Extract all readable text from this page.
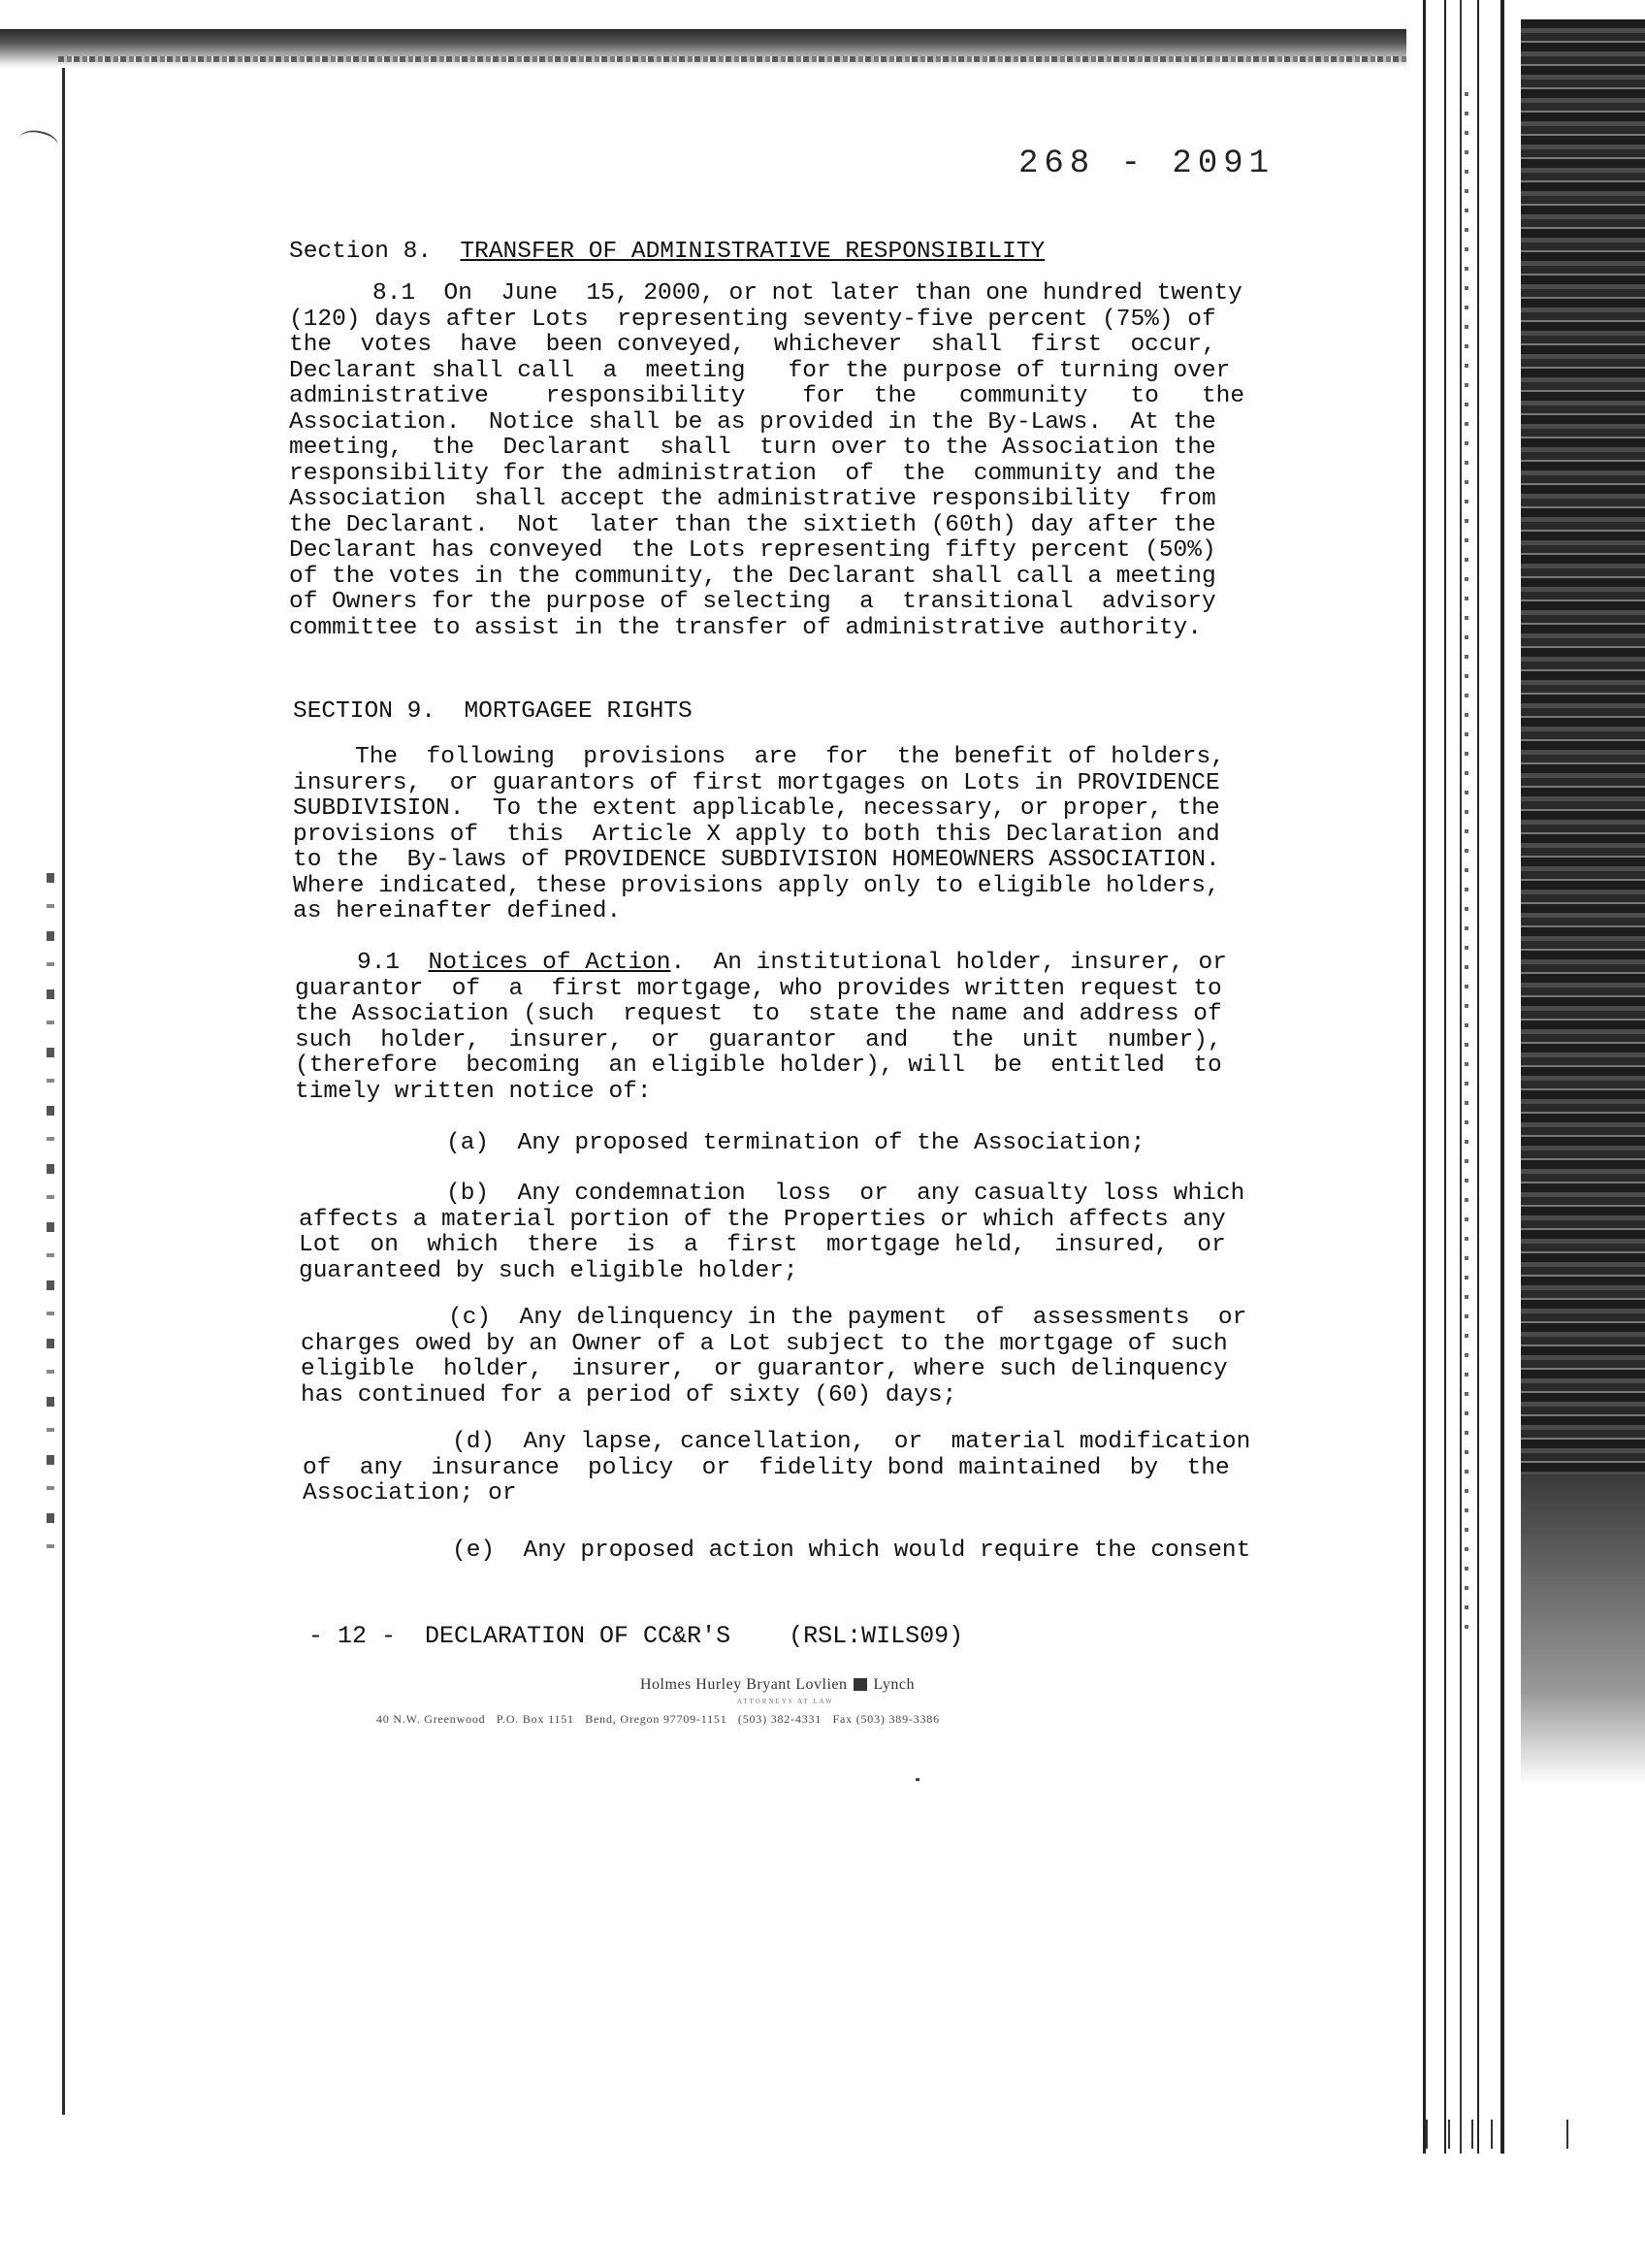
268 - 2091
Section 8. TRANSFER OF ADMINISTRATIVE RESPONSIBILITY
8.1  On  June  15, 2000, or not later than one hundred twenty
(120) days after Lots  representing seventy-five percent (75%) of
the  votes  have  been conveyed,  whichever  shall  first  occur,
Declarant shall call  a  meeting   for the purpose of turning over
administrative    responsibility    for  the   community   to   the
Association.  Notice shall be as provided in the By-Laws.  At the
meeting,  the  Declarant  shall  turn over to the Association the
responsibility for the administration  of  the  community and the
Association  shall accept the administrative responsibility  from
the Declarant.  Not  later than the sixtieth (60th) day after the
Declarant has conveyed  the Lots representing fifty percent (50%)
of the votes in the community, the Declarant shall call a meeting
of Owners for the purpose of selecting  a  transitional  advisory
committee to assist in the transfer of administrative authority.
SECTION 9. MORTGAGEE RIGHTS
The  following  provisions  are  for  the benefit of holders,
insurers,  or guarantors of first mortgages on Lots in PROVIDENCE
SUBDIVISION.  To the extent applicable, necessary, or proper, the
provisions of  this  Article X apply to both this Declaration and
to the  By-laws of PROVIDENCE SUBDIVISION HOMEOWNERS ASSOCIATION.
Where indicated, these provisions apply only to eligible holders,
as hereinafter defined.
9.1 Notices of Action.  An institutional holder, insurer, or
guarantor  of  a  first mortgage, who provides written request to
the Association (such  request  to  state the name and address of
such  holder,  insurer,  or  guarantor  and   the  unit  number),
(therefore  becoming  an eligible holder), will  be  entitled  to
timely written notice of:
(a)  Any proposed termination of the Association;
(b)  Any condemnation  loss  or  any casualty loss which
affects a material portion of the Properties or which affects any
Lot  on  which  there  is  a  first  mortgage held,  insured,  or
guaranteed by such eligible holder;
(c)  Any delinquency in the payment  of  assessments  or
charges owed by an Owner of a Lot subject to the mortgage of such
eligible  holder,  insurer,  or guarantor, where such delinquency
has continued for a period of sixty (60) days;
(d)  Any lapse, cancellation,  or  material modification
of  any  insurance  policy  or  fidelity bond maintained  by  the
Association; or
(e)  Any proposed action which would require the consent
- 12 -  DECLARATION OF CC&R'S    (RSL:WILS09)
Holmes Hurley Bryant Lovlien Lynch
ATTORNEYS AT LAW
40 N.W. Greenwood   P.O. Box 1151   Bend, Oregon 97709-1151   (503) 382-4331   Fax (503) 389-3386
